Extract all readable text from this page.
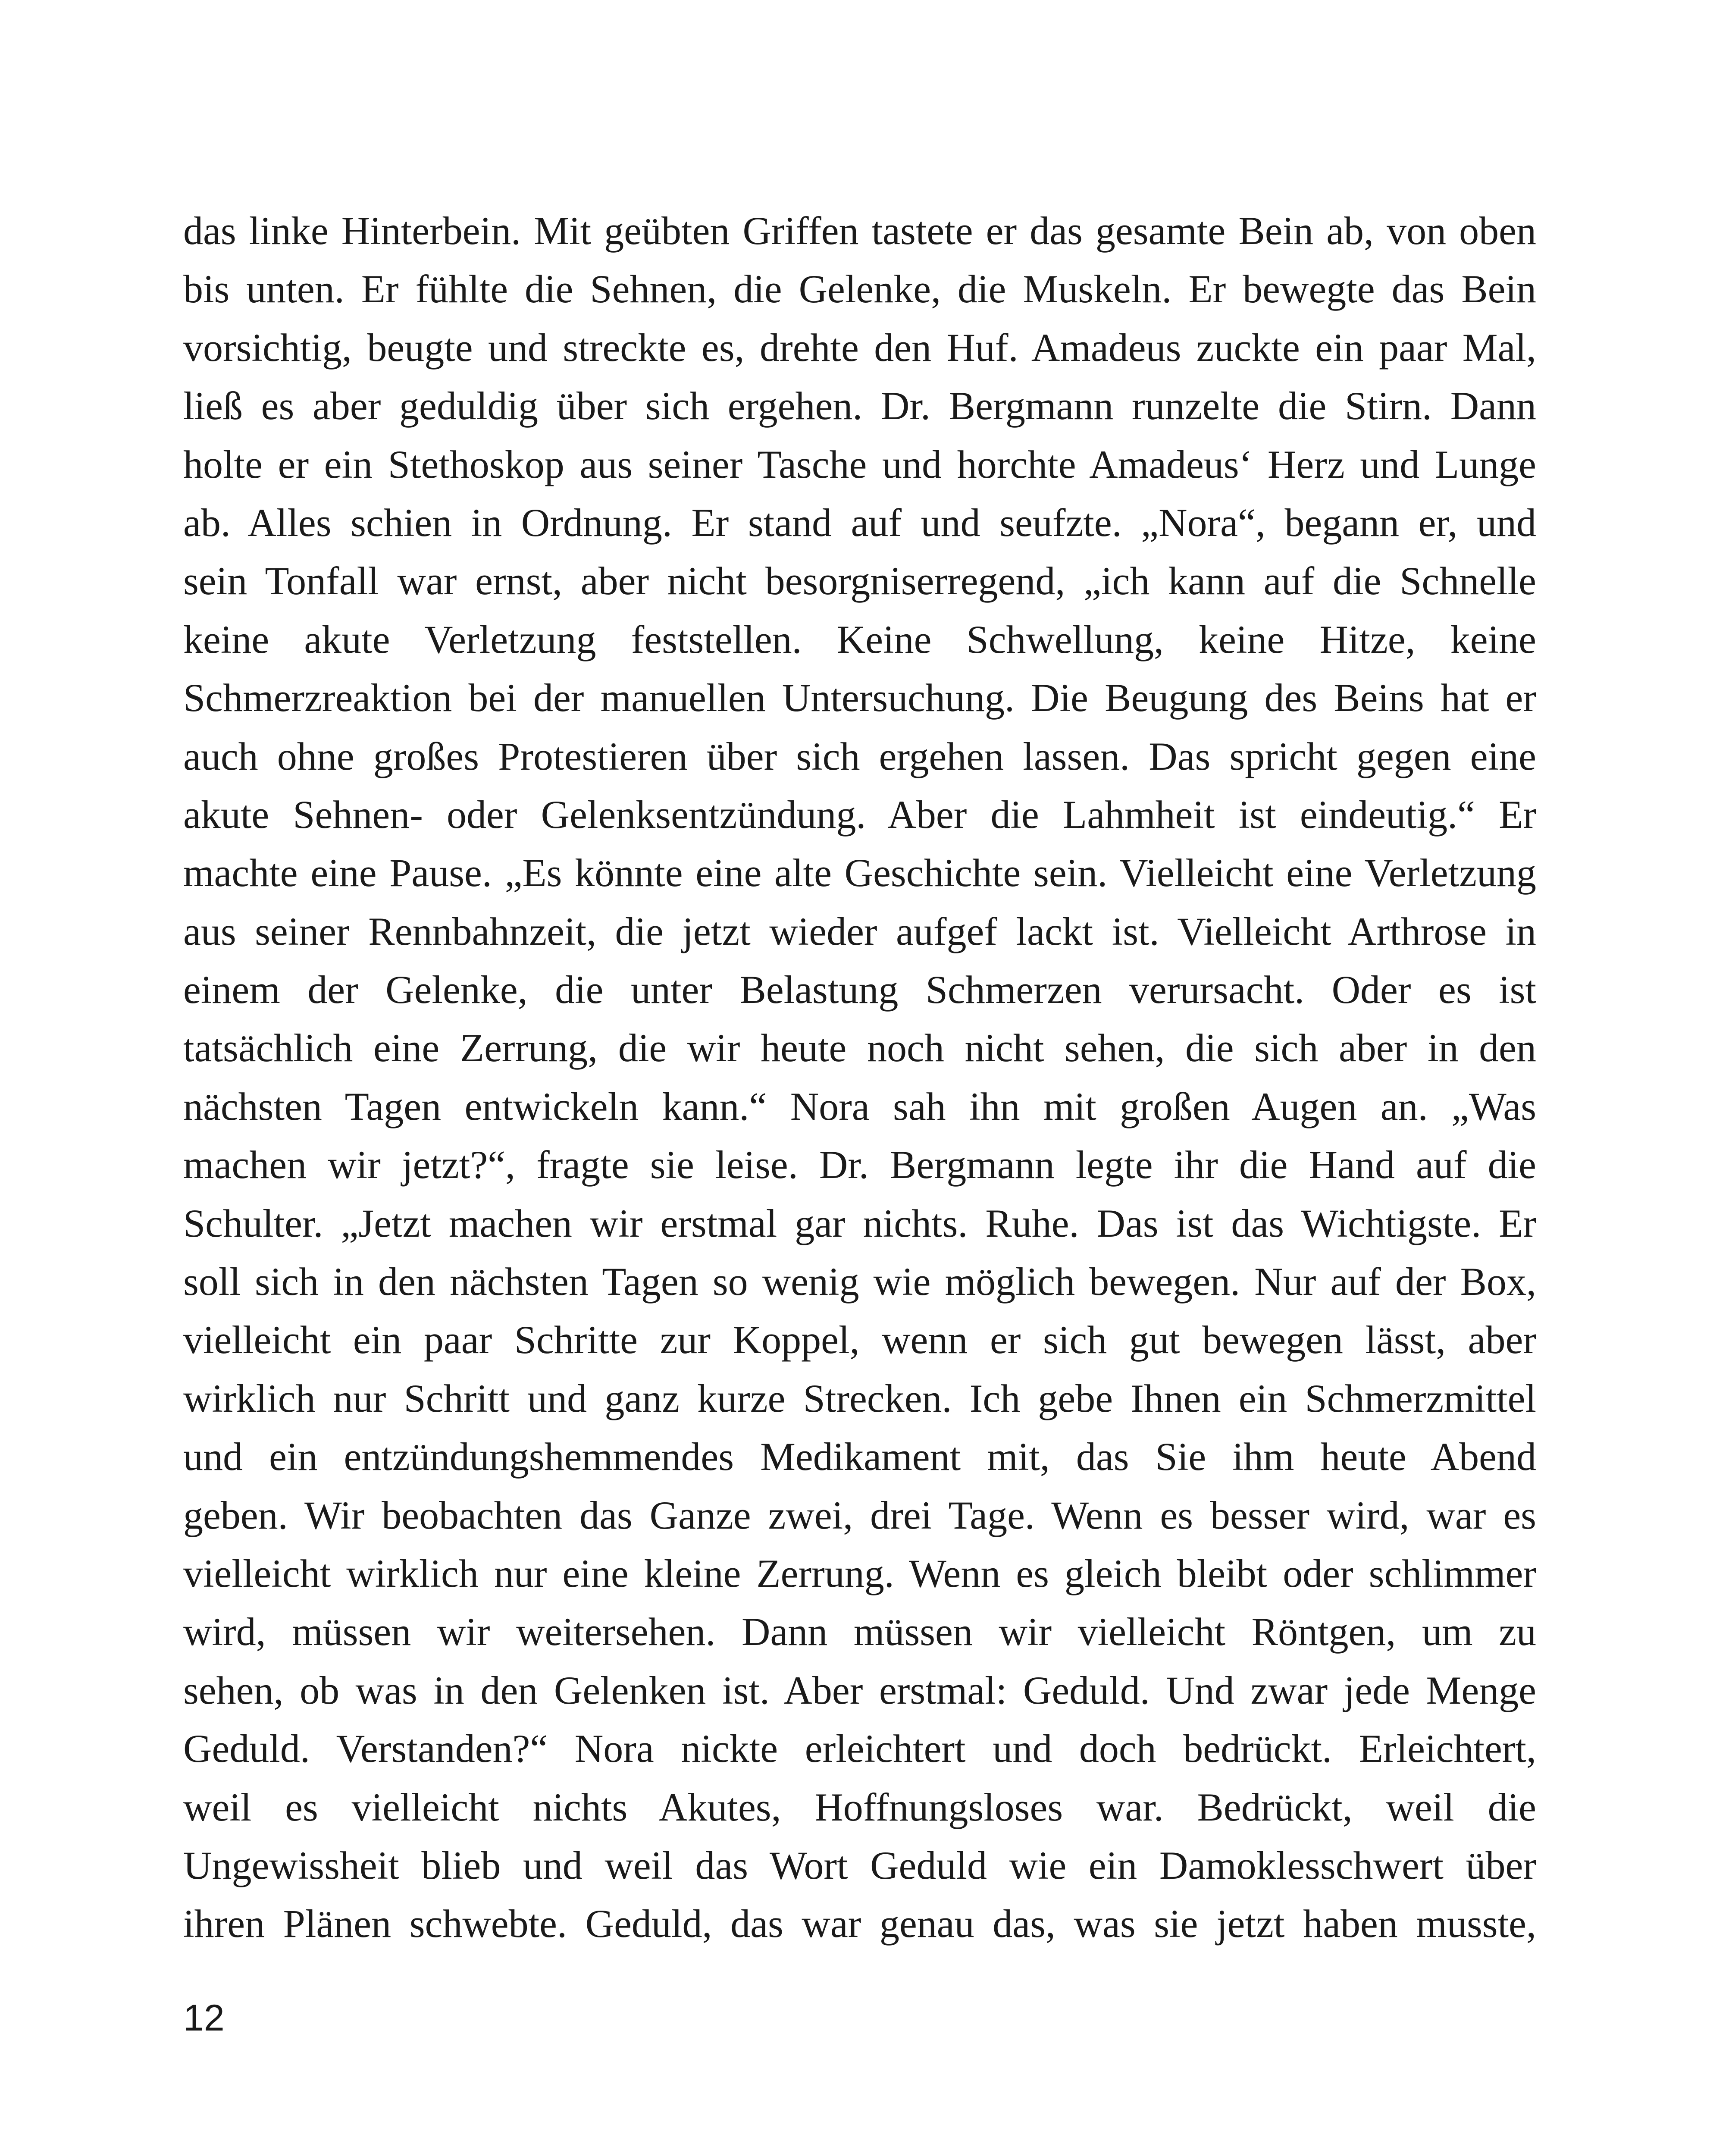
das linke Hinterbein. Mit geübten Griffen tastete er das gesamte Bein ab, von oben
bis unten. Er fühlte die Sehnen, die Gelenke, die Muskeln. Er bewegte das Bein
vorsichtig, beugte und streckte es, drehte den Huf. Amadeus zuckte ein paar Mal,
ließ es aber geduldig über sich ergehen. Dr. Bergmann runzelte die Stirn. Dann
holte er ein Stethoskop aus seiner Tasche und horchte Amadeus‘ Herz und Lunge
ab. Alles schien in Ordnung. Er stand auf und seufzte. „Nora“, begann er, und
sein Tonfall war ernst, aber nicht besorgniserregend, „ich kann auf die Schnelle
keine akute Verletzung feststellen. Keine Schwellung, keine Hitze, keine
Schmerzreaktion bei der manuellen Untersuchung. Die Beugung des Beins hat er
auch ohne großes Protestieren über sich ergehen lassen. Das spricht gegen eine
akute Sehnen- oder Gelenksentzündung. Aber die Lahmheit ist eindeutig.“ Er
machte eine Pause. „Es könnte eine alte Geschichte sein. Vielleicht eine Verletzung
aus seiner Rennbahnzeit, die jetzt wieder aufgef lackt ist. Vielleicht Arthrose in
einem der Gelenke, die unter Belastung Schmerzen verursacht. Oder es ist
tatsächlich eine Zerrung, die wir heute noch nicht sehen, die sich aber in den
nächsten Tagen entwickeln kann.“ Nora sah ihn mit großen Augen an. „Was
machen wir jetzt?“, fragte sie leise. Dr. Bergmann legte ihr die Hand auf die
Schulter. „Jetzt machen wir erstmal gar nichts. Ruhe. Das ist das Wichtigste. Er
soll sich in den nächsten Tagen so wenig wie möglich bewegen. Nur auf der Box,
vielleicht ein paar Schritte zur Koppel, wenn er sich gut bewegen lässt, aber
wirklich nur Schritt und ganz kurze Strecken. Ich gebe Ihnen ein Schmerzmittel
und ein entzündungshemmendes Medikament mit, das Sie ihm heute Abend
geben. Wir beobachten das Ganze zwei, drei Tage. Wenn es besser wird, war es
vielleicht wirklich nur eine kleine Zerrung. Wenn es gleich bleibt oder schlimmer
wird, müssen wir weitersehen. Dann müssen wir vielleicht Röntgen, um zu
sehen, ob was in den Gelenken ist. Aber erstmal: Geduld. Und zwar jede Menge
Geduld. Verstanden?“ Nora nickte erleichtert und doch bedrückt. Erleichtert,
weil es vielleicht nichts Akutes, Hoffnungsloses war. Bedrückt, weil die
Ungewissheit blieb und weil das Wort Geduld wie ein Damoklesschwert über
ihren Plänen schwebte. Geduld, das war genau das, was sie jetzt haben musste,
12
